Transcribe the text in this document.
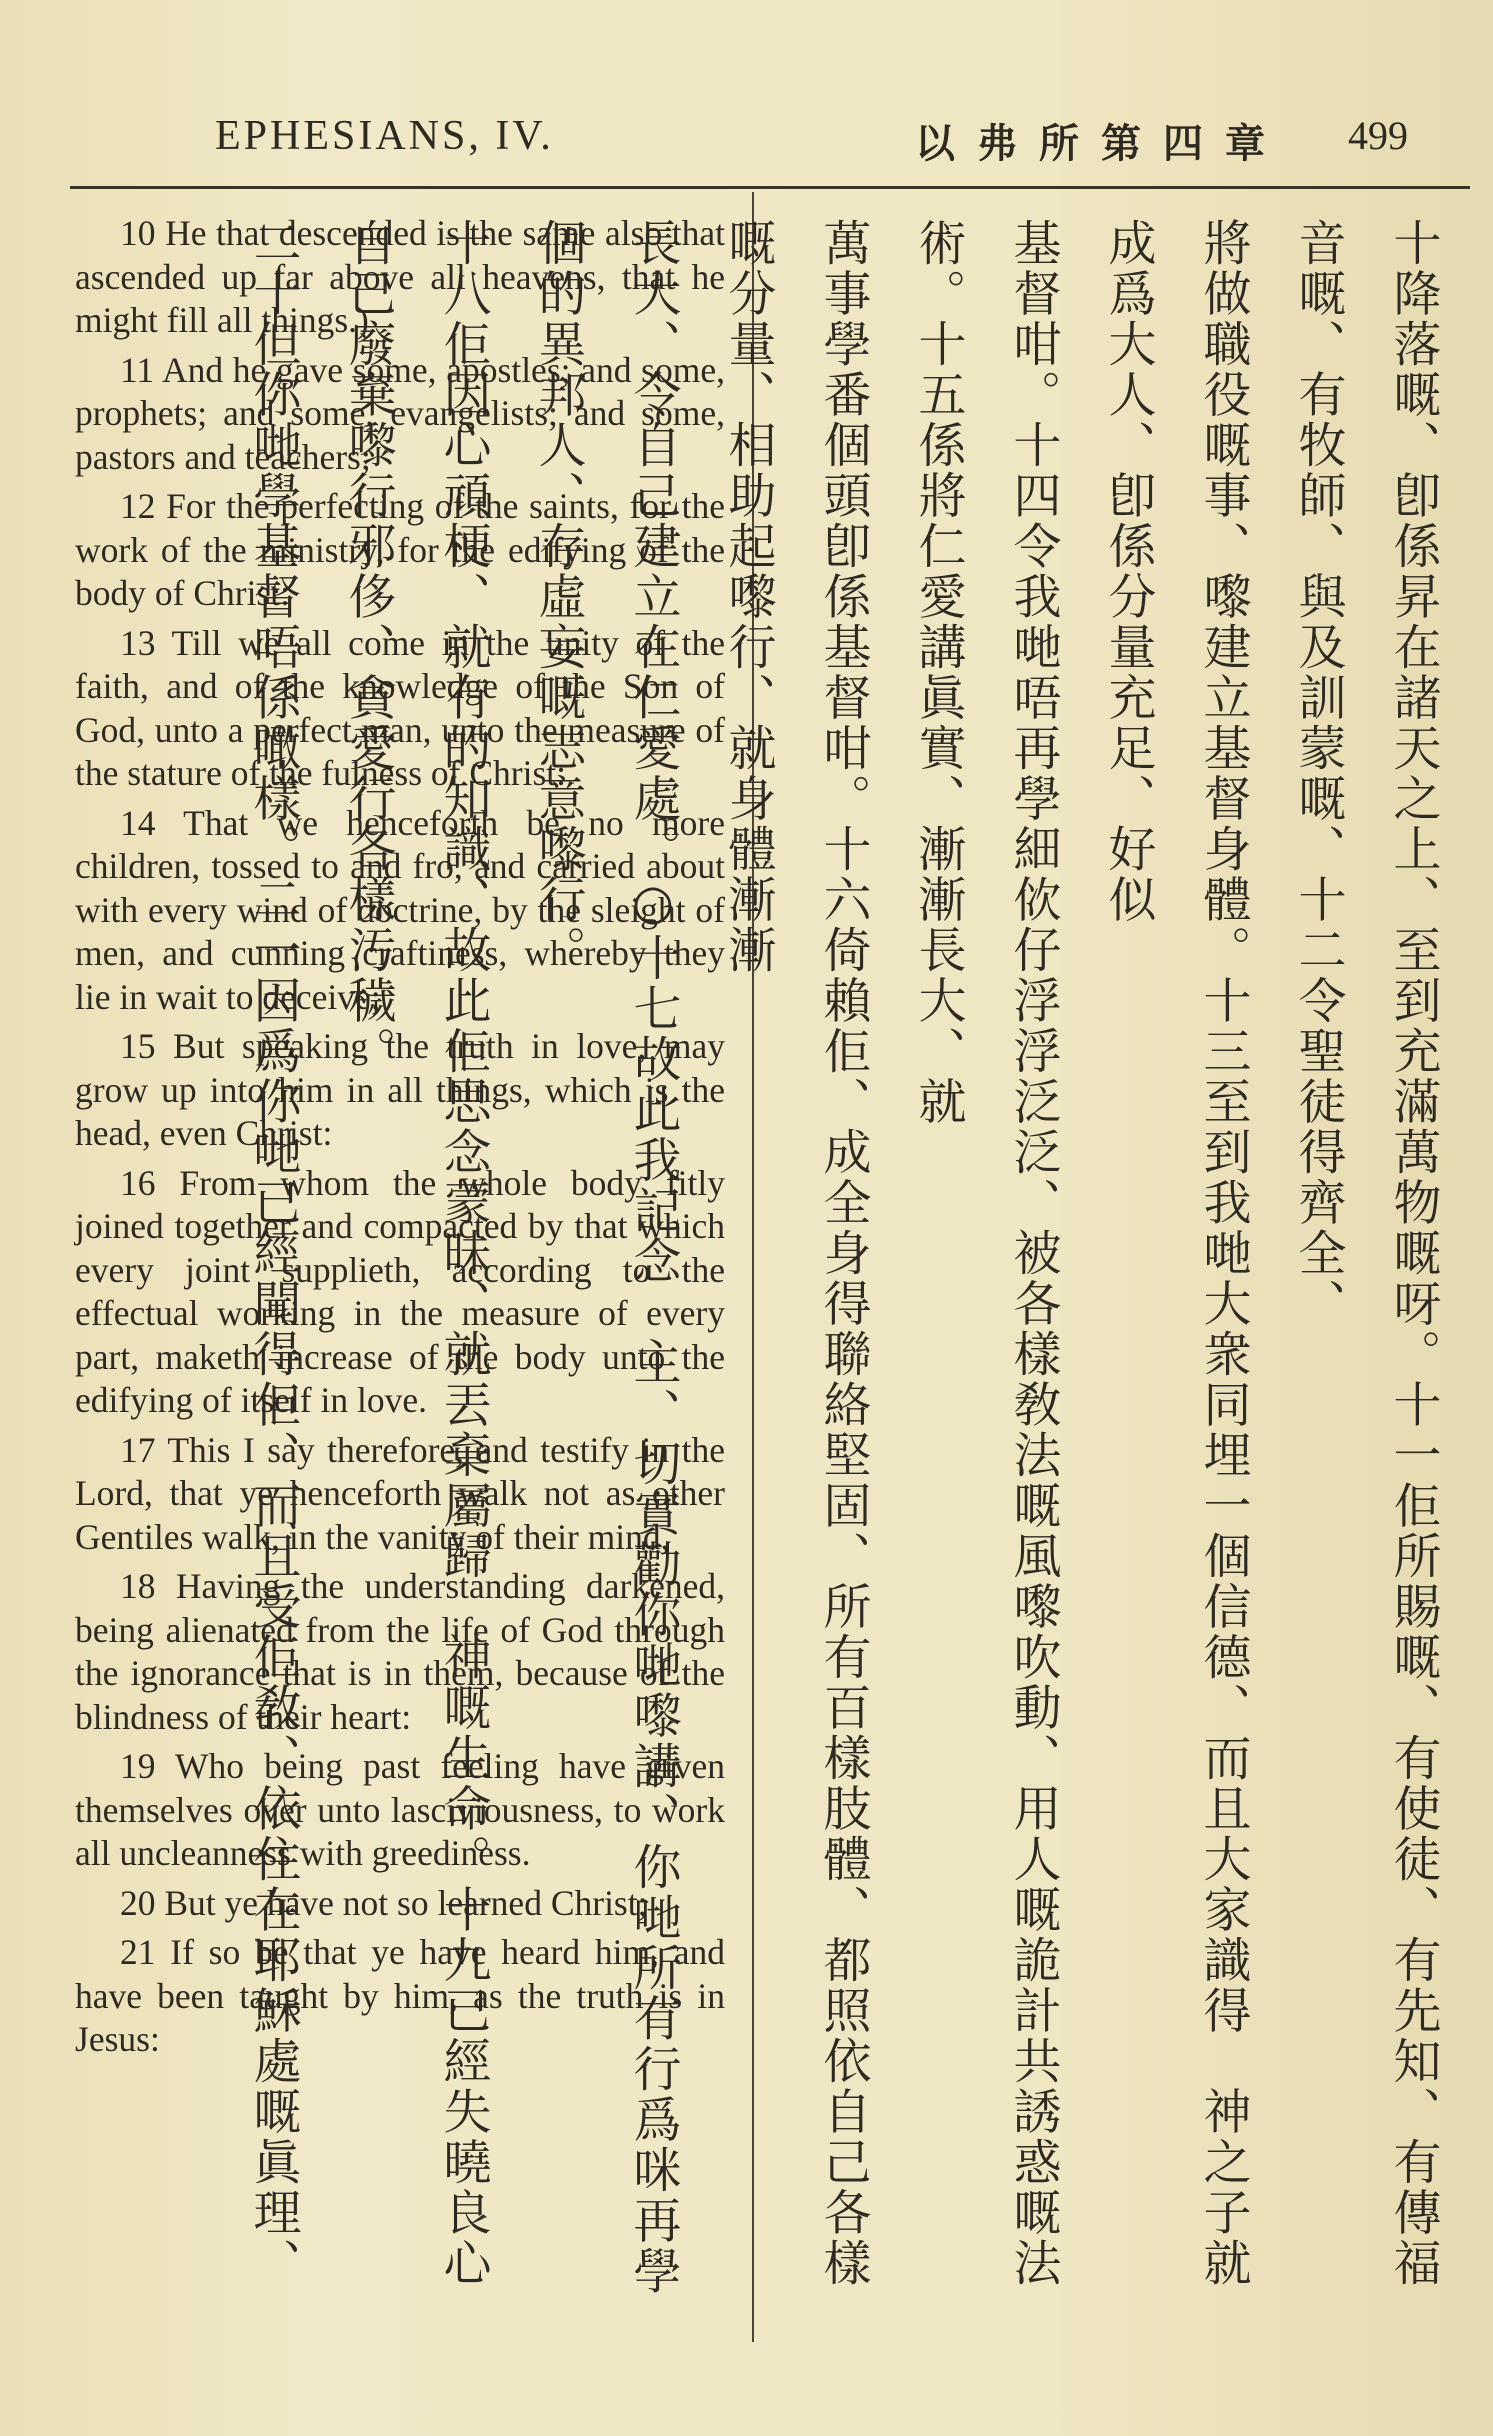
EPHESIANS, IV.	以弗所第四章 499

10 He that descended is the same also that ascended up far above all heavens, that he might fill all things.)

11 And he gave some, apostles; and some, prophets; and some, evangelists; and some, pastors and teachers;

12 For the perfecting of the saints, for the work of the ministry, for the edifying of the body of Christ:

13 Till we all come in the unity of the faith, and of the knowledge of the Son of God, unto a perfect man, unto the measure of the stature of the fulness of Christ:

14 That we henceforth be no more children, tossed to and fro, and carried about with every wind of doctrine, by the sleight of men, and cunning craftiness, whereby they lie in wait to deceive;

15 But speaking the truth in love, may grow up into him in all things, which is the head, even Christ:

16 From whom the whole body fitly joined together and compacted by that which every joint supplieth, according to the effectual working in the measure of every part, maketh increase of the body unto the edifying of itself in love.

17 This I say therefore, and testify in the Lord, that ye henceforth walk not as other Gentiles walk, in the vanity of their mind,

18 Having the understanding darkened, being alienated from the life of God through the ignorance that is in them, because of the blindness of their heart:

19 Who being past feeling have given themselves over unto lasciviousness, to work all uncleanness with greediness.

20 But ye have not so learned Christ;

21 If so be that ye have heard him, and have been taught by him, as the truth is in Jesus:	十降落嘅、卽係昇在諸天之上、至到充滿萬物嘅呀。十一佢所賜嘅、有使徒、有先知、有傳福音嘅、有牧師、與及訓蒙嘅、十二令聖徒得齊全、

將做職役嘅事、嚟建立基督身體。十三至到我哋大衆同埋一個信德、而且大家識得　神之子就成爲大人、卽係分量充足、好似

基督咁。十四令我哋唔再學細佽仔浮浮泛泛、被各樣敎法嘅風嚟吹動、用人嘅詭計共誘惑嘅法術。十五係將仁愛講眞實、漸漸長大、就

萬事學番個頭卽係基督咁。十六倚賴佢、成全身得聯絡堅固、所有百樣肢體、都照依自己各樣嘅分量、相助起嚟行、就身體漸漸

長大、令自己建立在仁愛處。○十七故此我記念　主、切實勸你哋嚟講、你哋所有行爲咪再學個的異邦人、存虛妄嘅志意嚟行。

十八佢因心頑梗、就冇的知識、故此佢思念蒙昧、就丟棄屬歸　神嘅生命。十九已經失曉良心自己廢棄嚟行邪侈、貪愛行各樣汚穢。

二十但你哋學基督唔係噉樣。二一因爲你哋已經聞得佢、而且受佢敎、依住在耶穌處嘅眞理、
